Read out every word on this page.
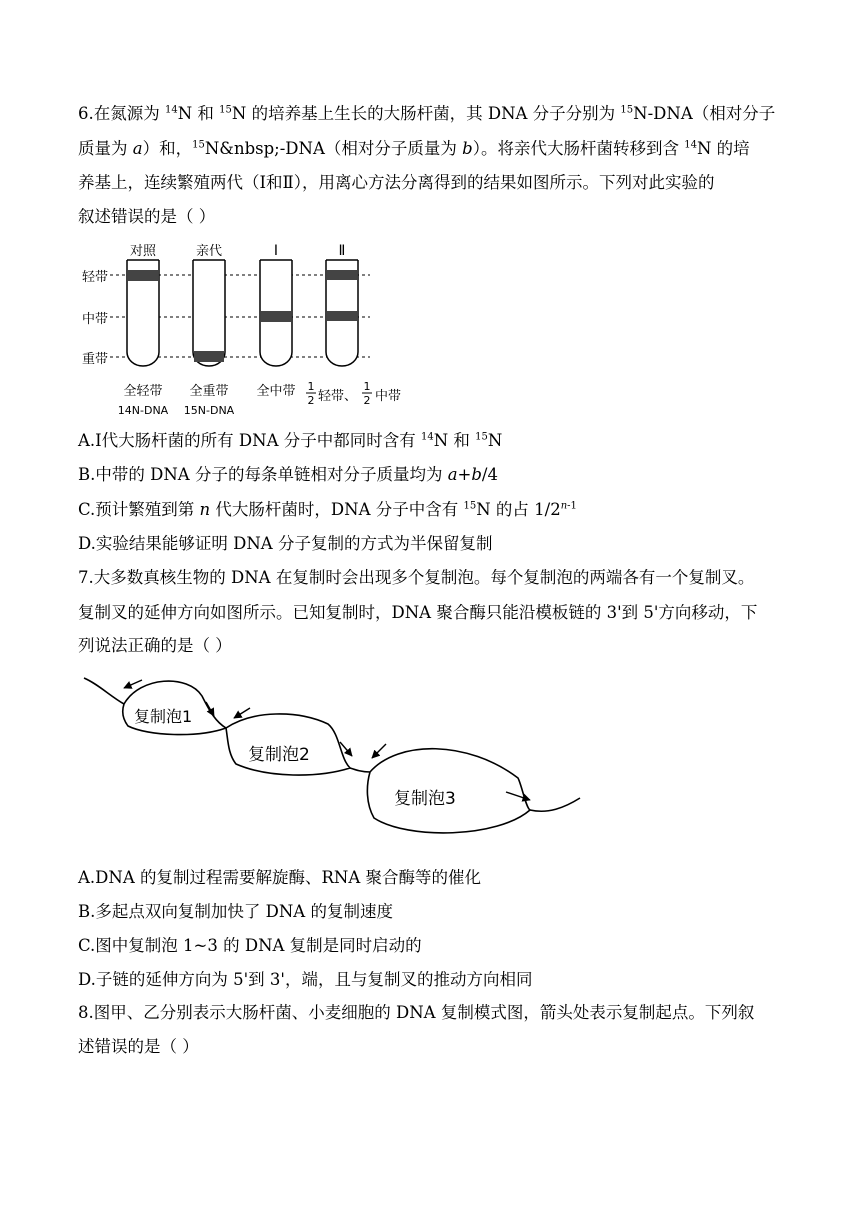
6.在氮源为 $^{14}$N 和 $^{15}$N 的培养基上生长的大肠杆菌，其 DNA 分子分别为 $^{15}$N-DNA（相对分子
质量为 a）和，$^{15}$N&nbsp;-DNA（相对分子质量为 b）。将亲代大肠杆菌转移到含 $^{14}$N 的培
养基上，连续繁殖两代（Ⅰ和Ⅱ），用离心方法分离得到的结果如图所示。下列对此实验的
叙述错误的是（ ）
对照	亲代	Ⅰ	Ⅱ
轻带
中带
重带
全轻带 全重带 全中带 1
2 轻带、
1
2 中带
14N-DNA 15N-DNA
A.Ⅰ代大肠杆菌的所有 DNA 分子中都同时含有 $^{14}$N 和 $^{15}$N
B.中带的 DNA 分子的每条单链相对分子质量均为 a+b/4
C.预计繁殖到第 n 代大肠杆菌时，DNA 分子中含有 $^{15}$N 的占 1/2$^{n-1}$
D.实验结果能够证明 DNA 分子复制的方式为半保留复制
7.大多数真核生物的 DNA 在复制时会出现多个复制泡。每个复制泡的两端各有一个复制叉。
复制叉的延伸方向如图所示。已知复制时，DNA 聚合酶只能沿模板链的 3'到 5'方向移动，下
列说法正确的是（ ）
复制泡1
复制泡2
复制泡3
A.DNA 的复制过程需要解旋酶、RNA 聚合酶等的催化
B.多起点双向复制加快了 DNA 的复制速度
C.图中复制泡 1~3 的 DNA 复制是同时启动的
D.子链的延伸方向为 5'到 3'，端，且与复制叉的推动方向相同
8.图甲、乙分别表示大肠杆菌、小麦细胞的 DNA 复制模式图，箭头处表示复制起点。下列叙
述错误的是（ ）
